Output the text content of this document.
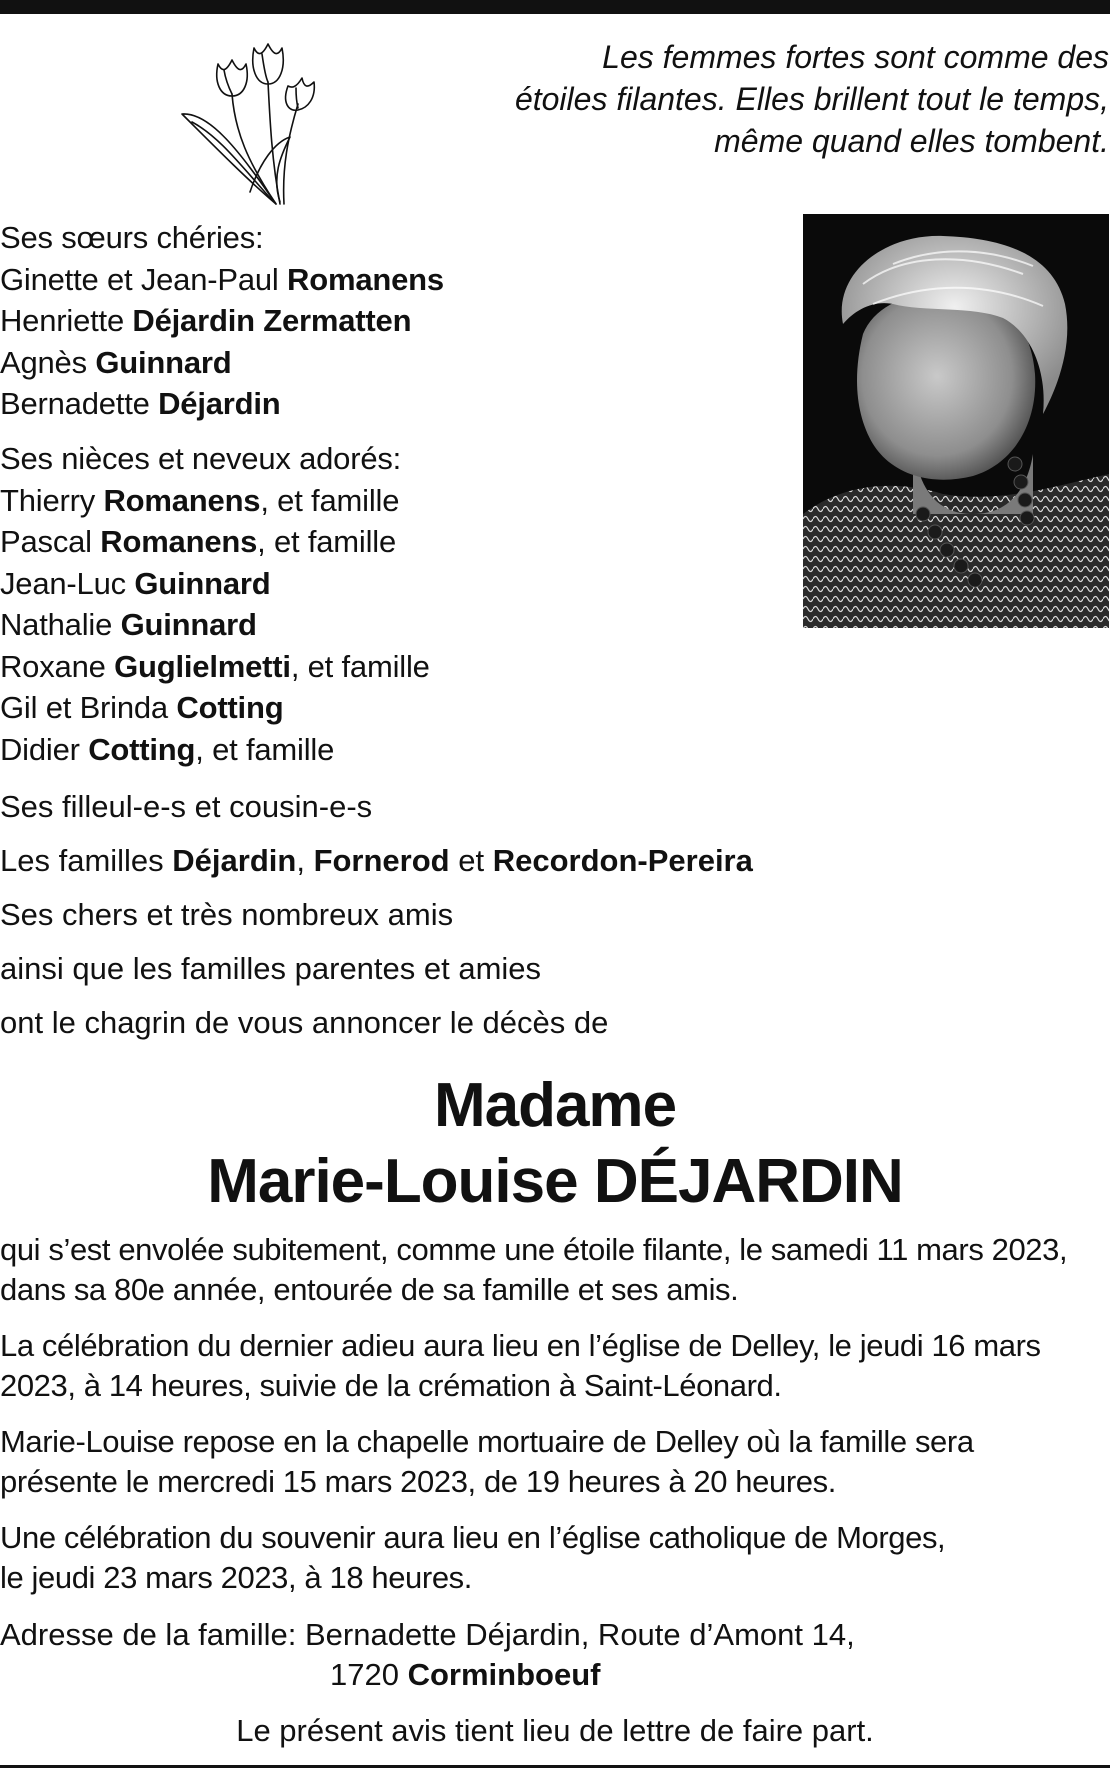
Les femmes fortes sont comme des
étoiles filantes. Elles brillent tout le temps,
même quand elles tombent.
Ses sœurs chéries:
Ginette et Jean-Paul Romanens
Henriette Déjardin Zermatten
Agnès Guinnard
Bernadette Déjardin
Ses nièces et neveux adorés:
Thierry Romanens, et famille
Pascal Romanens, et famille
Jean-Luc Guinnard
Nathalie Guinnard
Roxane Guglielmetti, et famille
Gil et Brinda Cotting
Didier Cotting, et famille
Ses filleul-e-s et cousin-e-s
Les familles Déjardin, Fornerod et Recordon-Pereira
Ses chers et très nombreux amis
ainsi que les familles parentes et amies
ont le chagrin de vous annoncer le décès de
Madame
Marie-Louise DÉJARDIN
qui s’est envolée subitement, comme une étoile filante, le samedi 11 mars 2023,
dans sa 80e année, entourée de sa famille et ses amis.
La célébration du dernier adieu aura lieu en l’église de Delley, le jeudi 16 mars
2023, à 14 heures, suivie de la crémation à Saint-Léonard.
Marie-Louise repose en la chapelle mortuaire de Delley où la famille sera
présente le mercredi 15 mars 2023, de 19 heures à 20 heures.
Une célébration du souvenir aura lieu en l’église catholique de Morges,
le jeudi 23 mars 2023, à 18 heures.
Adresse de la famille: Bernadette Déjardin, Route d’Amont 14,
1720 Corminboeuf
Le présent avis tient lieu de lettre de faire part.
